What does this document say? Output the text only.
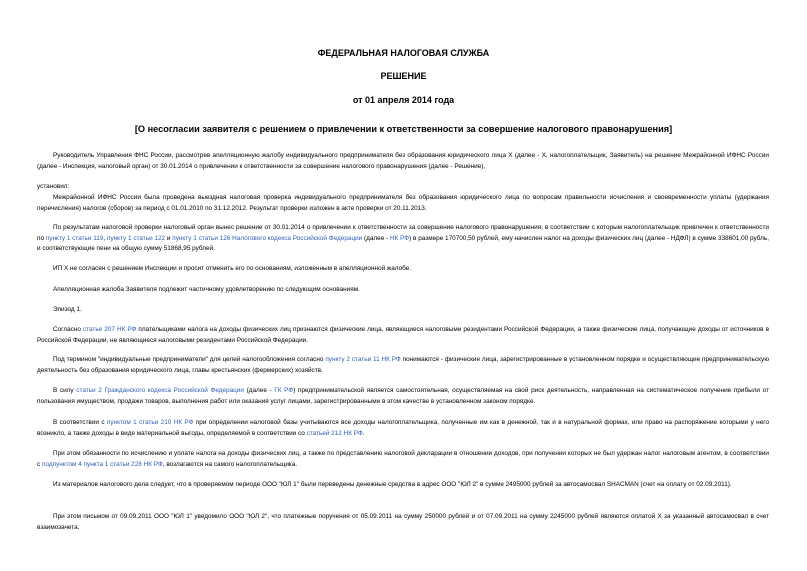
ФЕДЕРАЛЬНАЯ НАЛОГОВАЯ СЛУЖБА
РЕШЕНИЕ
от 01 апреля 2014 года
[О несогласии заявителя с решением о привлечении к ответственности за совершение налогового правонарушения]
Руководитель Управления ФНС России, рассмотрев апелляционную жалобу индивидуального предпринимателя без образования юридического лица Х (далее - Х, налогоплательщик, Заявитель) на решение Межрайонной ИФНС России (далее - Инспекция, налоговый орган) от 30.01.2014 о привлечении к ответственности за совершение налогового правонарушения (далее - Решение),
установил:
Межрайонной ИФНС России была проведена выездная налоговая проверка индивидуального предпринимателя без образования юридического лица по вопросам правильности исчисления и своевременности уплаты (удержания перечисления) налогов (сборов) за период с 01.01.2010 по 31.12.2012. Результат проверки изложен в акте проверки от 20.11.2013.
По результатам налоговой проверки налоговый орган вынес решение от 30.01.2014 о привлечении к ответственности за совершение налогового правонарушения, в соответствии с которым налогоплательщик привлечен к ответственности по пункту 1 статьи 119, пункту 1 статьи 122 и пункту 1 статьи 126 Налогового кодекса Российской Федерации (далее - НК РФ) в размере 170700,50 рублей, ему начислен налог на доходы физических лиц (далее - НДФЛ) в сумме 338601,00 рубль, и соответствующие пени на общую сумму 51868,95 рублей.
ИП Х не согласен с решением Инспекции и просит отменить его по основаниям, изложенным в апелляционной жалобе.
Апелляционная жалоба Заявителя подлежит частичному удовлетворению по следующим основаниям.
Эпизод 1.
Согласно статье 207 НК РФ плательщиками налога на доходы физических лиц признаются физические лица, являющиеся налоговыми резидентами Российской Федерации, а также физические лица, получающие доходы от источников в Российской Федерации, не являющиеся налоговыми резидентами Российской Федерации.
Под термином "индивидуальные предприниматели" для целей налогообложения согласно пункту 2 статьи 11 НК РФ понимаются - физические лица, зарегистрированные в установленном порядке и осуществляющие предпринимательскую деятельность без образования юридического лица, главы крестьянских (фермерских) хозяйств.
В силу статьи 2 Гражданского кодекса Российской Федерации (далее - ГК РФ) предпринимательской является самостоятельная, осуществляемая на свой риск деятельность, направленная на систематическое получение прибыли от пользования имуществом, продажи товаров, выполнения работ или оказания услуг лицами, зарегистрированными в этом качестве в установленном законом порядке.
В соответствии с пунктом 1 статьи 210 НК РФ при определении налоговой базы учитываются все доходы налогоплательщика, полученные им как в денежной, так и в натуральной формах, или право на распоряжение которыми у него возникло, а также доходы в виде материальной выгоды, определяемой в соответствии со статьей 212 НК РФ.
При этом обязанности по исчислению и уплате налога на доходы физических лиц, а также по представлению налоговой декларации в отношении доходов, при получении которых не был удержан налог налоговым агентом, в соответствии с подпунктом 4 пункта 1 статьи 228 НК РФ, возлагаются на самого налогоплательщика.
Из материалов налогового дела следует, что в проверяемом периоде ООО "ЮЛ 1" были переведены денежные средства в адрес ООО "ЮЛ 2" в сумме 2495000 рублей за автосамосвал SHACMAN (счет на оплату от 02.09.2011).
При этом письмом от 09.09.2011 ООО "ЮЛ 1" уведомило ООО "ЮЛ 2", что платежные поручения от 05.09.2011 на сумму 250000 рублей и от 07.09.2011 на сумму 2245000 рублей являются оплатой Х за указанный автосамосвал в счет взаимозачета.
